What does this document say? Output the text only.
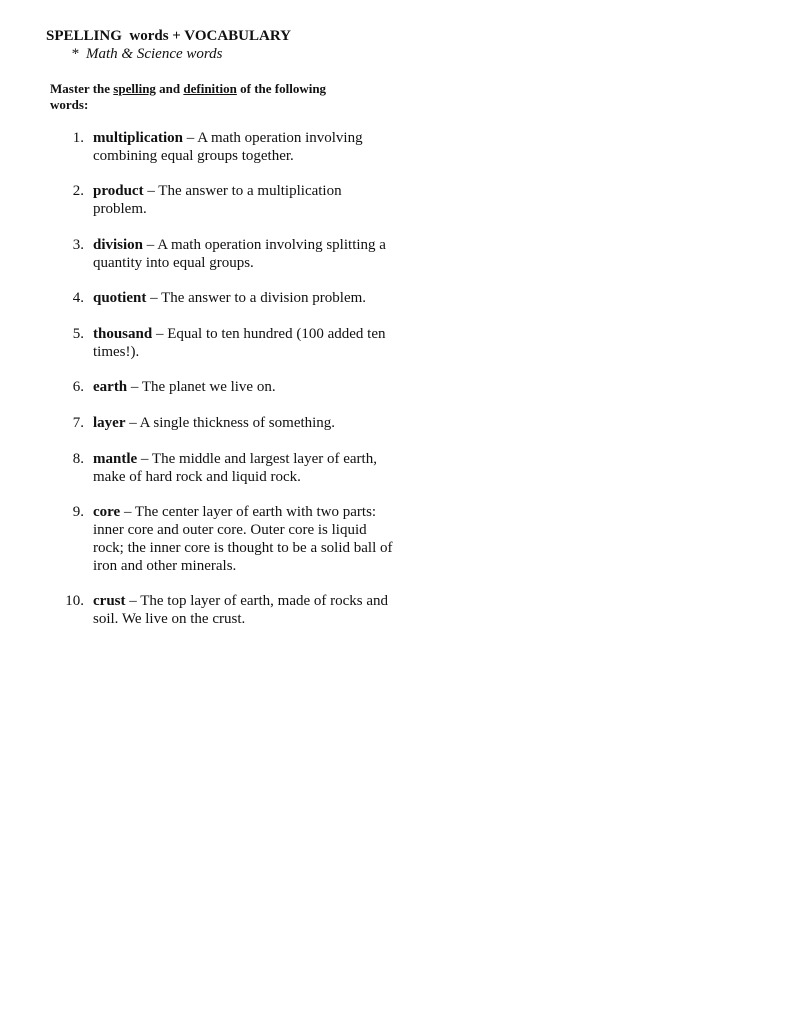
SPELLING  words + VOCABULARY
*  Math & Science words
Master the spelling and definition of the following words:
1. multiplication – A math operation involving combining equal groups together.
2. product – The answer to a multiplication problem.
3. division – A math operation involving splitting a quantity into equal groups.
4. quotient – The answer to a division problem.
5. thousand – Equal to ten hundred (100 added ten times!).
6. earth – The planet we live on.
7. layer – A single thickness of something.
8. mantle – The middle and largest layer of earth, make of hard rock and liquid rock.
9. core – The center layer of earth with two parts: inner core and outer core. Outer core is liquid rock; the inner core is thought to be a solid ball of iron and other minerals.
10. crust – The top layer of earth, made of rocks and soil. We live on the crust.
